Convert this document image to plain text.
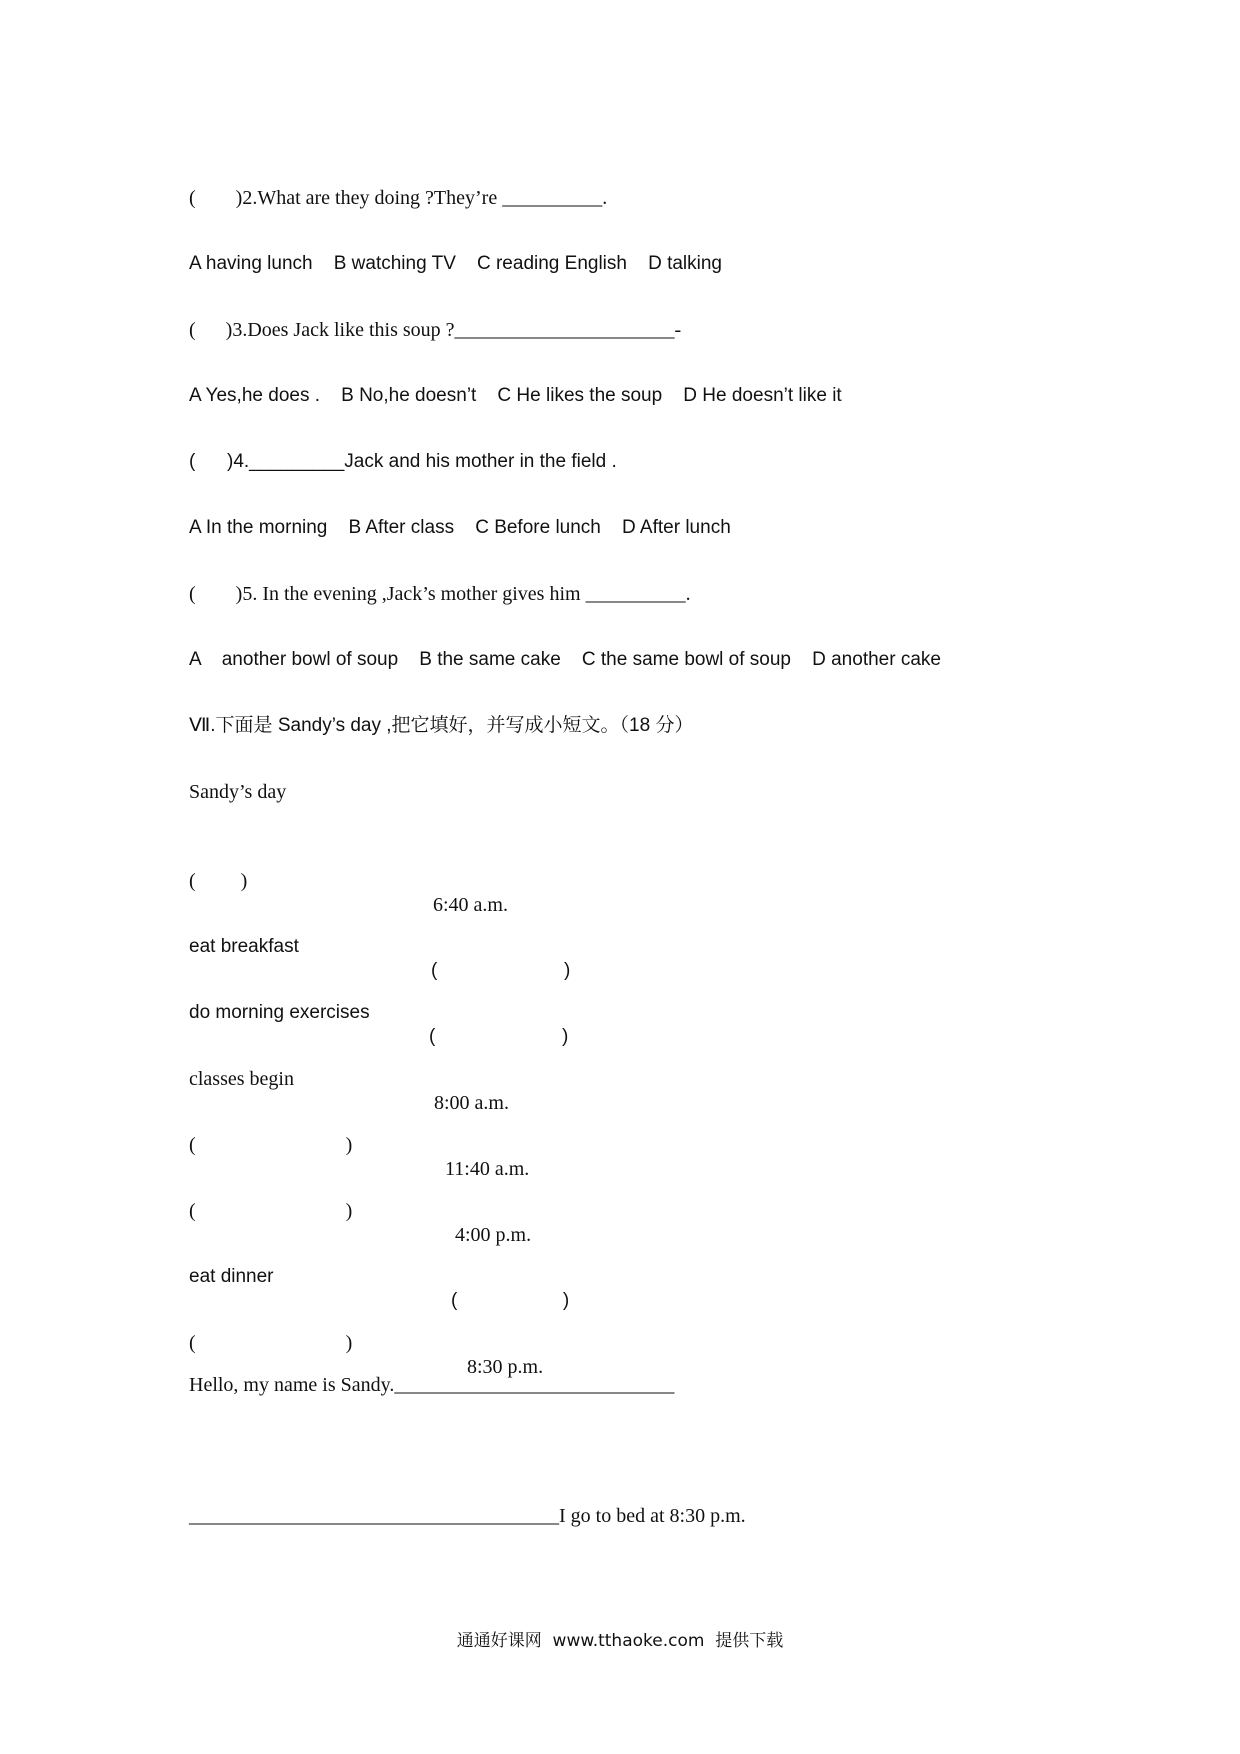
(        )2.What are they doing ?They’re __________.

A having lunch    B watching TV    C reading English    D talking

(      )3.Does Jack like this soup ?______________________-

A Yes,he does .    B No,he doesn’t    C He likes the soup    D He doesn’t like it

(      )4._________Jack and his mother in the field .

A In the morning    B After class    C Before lunch    D After lunch

(        )5. In the evening ,Jack’s mother gives him __________.

A    another bowl of soup    B the same cake    C the same bowl of soup    D another cake

Ⅶ.下面是 Sandy’s day ,把它填好，并写成小短文。（18 分）

Sandy’s day

(         )

6:40 a.m.

eat breakfast

(                        )

do morning exercises

(                        )

classes begin

8:00 a.m.

(                              )

11:40 a.m.

(                              )

4:00 p.m.

eat dinner

(                    )

(                              )

8:30 p.m.

Hello, my name is Sandy.____________________________

_____________________________________I go to bed at 8:30 p.m.

通通好课网  www.tthaoke.com  提供下载
